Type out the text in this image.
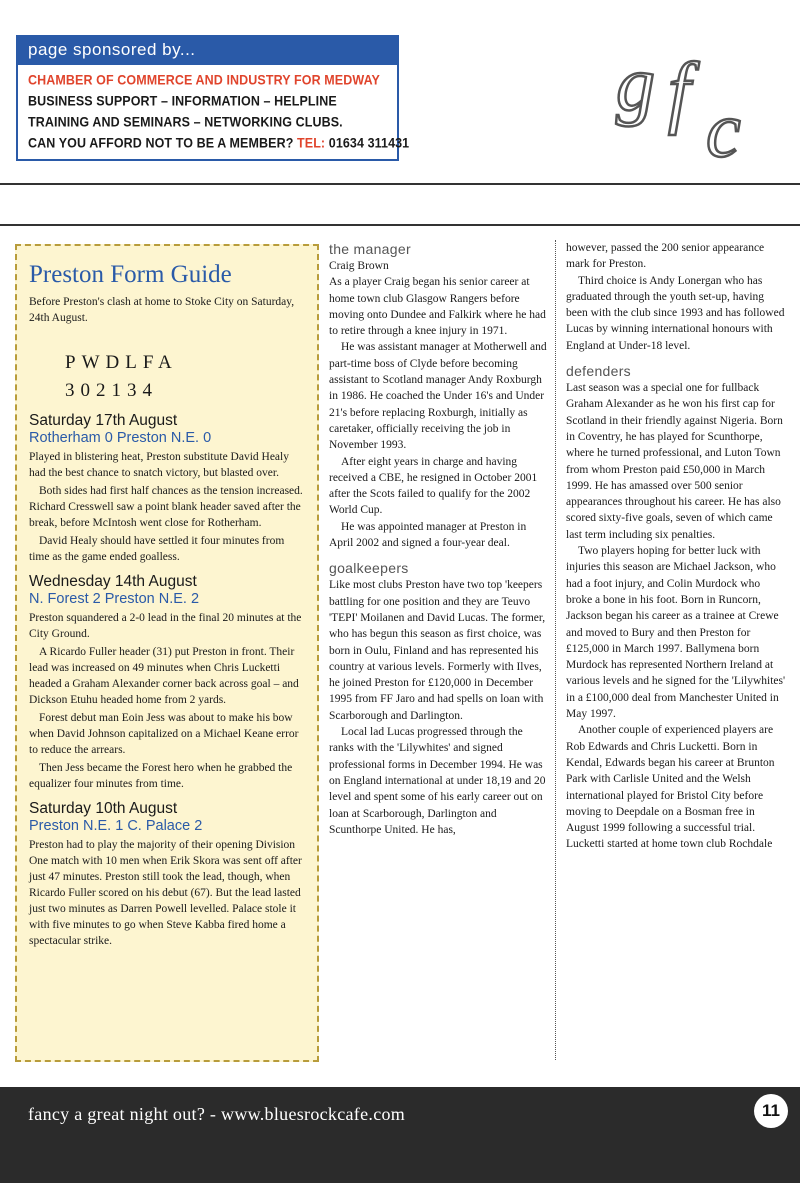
page sponsored by...
CHAMBER OF COMMERCE AND INDUSTRY FOR MEDWAY
BUSINESS SUPPORT – INFORMATION – HELPLINE
TRAINING AND SEMINARS – NETWORKING CLUBS.
CAN YOU AFFORD NOT TO BE A MEMBER? TEL: 01634 311431
g f c
Preston Form Guide
Before Preston's clash at home to Stoke City on Saturday, 24th August.
PWDLFA
302134
Saturday 17th August
Rotherham 0 Preston N.E. 0

Played in blistering heat, Preston substitute David Healy had the best chance to snatch victory, but blasted over.

Both sides had first half chances as the tension increased. Richard Cresswell saw a point blank header saved after the break, before McIntosh went close for Rotherham.

David Healy should have settled it four minutes from time as the game ended goalless.

Wednesday 14th August
N. Forest 2 Preston N.E. 2

Preston squandered a 2-0 lead in the final 20 minutes at the City Ground.

A Ricardo Fuller header (31) put Preston in front. Their lead was increased on 49 minutes when Chris Lucketti headed a Graham Alexander corner back across goal – and Dickson Etuhu headed home from 2 yards.

Forest debut man Eoin Jess was about to make his bow when David Johnson capitalized on a Michael Keane error to reduce the arrears.

Then Jess became the Forest hero when he grabbed the equalizer four minutes from time.

Saturday 10th August
Preston N.E. 1 C. Palace 2

Preston had to play the majority of their opening Division One match with 10 men when Erik Skora was sent off after just 47 minutes. Preston still took the lead, though, when Ricardo Fuller scored on his debut (67). But the lead lasted just two minutes as Darren Powell levelled. Palace stole it with five minutes to go when Steve Kabba fired home a spectacular strike.

the manager

Craig Brown

As a player Craig began his senior career at home town club Glasgow Rangers before moving onto Dundee and Falkirk where he had to retire through a knee injury in 1971.

He was assistant manager at Motherwell and part-time boss of Clyde before becoming assistant to Scotland manager Andy Roxburgh in 1986. He coached the Under 16's and Under 21's before replacing Roxburgh, initially as caretaker, officially receiving the job in November 1993.

After eight years in charge and having received a CBE, he resigned in October 2001 after the Scots failed to qualify for the 2002 World Cup.

He was appointed manager at Preston in April 2002 and signed a four-year deal.

goalkeepers

Like most clubs Preston have two top 'keepers battling for one position and they are Teuvo 'TEPI' Moilanen and David Lucas. The former, who has begun this season as first choice, was born in Oulu, Finland and has represented his country at various levels. Formerly with Ilves, he joined Preston for £120,000 in December 1995 from FF Jaro and had spells on loan with Scarborough and Darlington.

Local lad Lucas progressed through the ranks with the 'Lilywhites' and signed professional forms in December 1994. He was on England international at under 18,19 and 20 level and spent some of his early career out on loan at Scarborough, Darlington and Scunthorpe United. He has,

however, passed the 200 senior appearance mark for Preston.

Third choice is Andy Lonergan who has graduated through the youth set-up, having been with the club since 1993 and has followed Lucas by winning international honours with England at Under-18 level.

defenders

Last season was a special one for fullback Graham Alexander as he won his first cap for Scotland in their friendly against Nigeria. Born in Coventry, he has played for Scunthorpe, where he turned professional, and Luton Town from whom Preston paid £50,000 in March 1999. He has amassed over 500 senior appearances throughout his career. He has also scored sixty-five goals, seven of which came last term including six penalties.

Two players hoping for better luck with injuries this season are Michael Jackson, who had a foot injury, and Colin Murdock who broke a bone in his foot. Born in Runcorn, Jackson began his career as a trainee at Crewe and moved to Bury and then Preston for £125,000 in March 1997. Ballymena born Murdock has represented Northern Ireland at various levels and he signed for the 'Lilywhites' in a £100,000 deal from Manchester United in May 1997.

Another couple of experienced players are Rob Edwards and Chris Lucketti. Born in Kendal, Edwards began his career at Brunton Park with Carlisle United and the Welsh international played for Bristol City before moving to Deepdale on a Bosman free in August 1999 following a successful trial. Lucketti started at home town club Rochdale

fancy a great night out? - www.bluesrockcafe.com	11
